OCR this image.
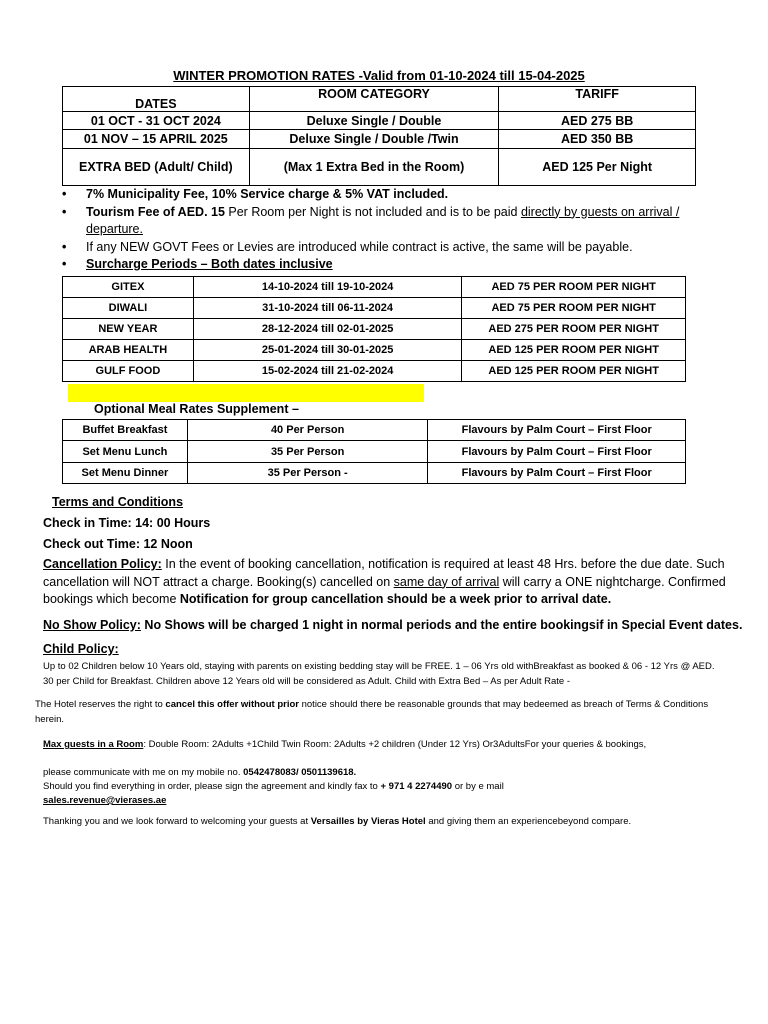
WINTER PROMOTION RATES -Valid from 01-10-2024 till 15-04-2025
DATES	ROOM CATEGORY	TARIFF
01 OCT - 31 OCT 2024	Deluxe Single / Double	AED 275 BB
01 NOV – 15 APRIL 2025	Deluxe Single / Double /Twin	AED 350 BB
EXTRA BED (Adult/ Child)	(Max 1 Extra Bed in the Room)	AED 125 Per Night
• 7% Municipality Fee, 10% Service charge & 5% VAT included.
• Tourism Fee of AED. 15 Per Room per Night is not included and is to be paid directly by guests on arrival / departure.
• If any NEW GOVT Fees or Levies are introduced while contract is active, the same will be payable.
• Surcharge Periods – Both dates inclusive
GITEX	14-10-2024 till 19-10-2024	AED 75 PER ROOM PER NIGHT
DIWALI	31-10-2024 till 06-11-2024	AED 75 PER ROOM PER NIGHT
NEW YEAR	28-12-2024 till 02-01-2025	AED 275 PER ROOM PER NIGHT
ARAB HEALTH	25-01-2024 till 30-01-2025	AED 125 PER ROOM PER NIGHT
GULF FOOD	15-02-2024 till 21-02-2024	AED 125 PER ROOM PER NIGHT
Optional Meal Rates Supplement –
Buffet Breakfast	40 Per Person	Flavours by Palm Court – First Floor
Set Menu Lunch	35 Per Person	Flavours by Palm Court – First Floor
Set Menu Dinner	35 Per Person -	Flavours by Palm Court – First Floor
Terms and Conditions
Check in Time: 14: 00 Hours
Check out Time: 12 Noon
Cancellation Policy: In the event of booking cancellation, notification is required at least 48 Hrs. before the due date. Such cancellation will NOT attract a charge. Booking(s) cancelled on same day of arrival will carry a ONE nightcharge. Confirmed bookings which become Notification for group cancellation should be a week prior to arrival date.
No Show Policy: No Shows will be charged 1 night in normal periods and the entire bookingsif in Special Event dates.
Child Policy:
Up to 02 Children below 10 Years old, staying with parents on existing bedding stay will be FREE. 1 – 06 Yrs old withBreakfast as booked & 06 - 12 Yrs @ AED. 30 per Child for Breakfast. Children above 12 Years old will be considered as Adult. Child with Extra Bed – As per Adult Rate -
The Hotel reserves the right to cancel this offer without prior notice should there be reasonable grounds that may bedeemed as breach of Terms & Conditions herein.
Max guests in a Room: Double Room: 2Adults +1Child Twin Room: 2Adults +2 children (Under 12 Yrs) Or3AdultsFor your queries & bookings,
please communicate with me on my mobile no. 0542478083/ 0501139618.
Should you find everything in order, please sign the agreement and kindly fax to + 971 4 2274490 or by e mail
sales.revenue@vierases.ae
Thanking you and we look forward to welcoming your guests at Versailles by Vieras Hotel and giving them an experiencebeyond compare.
